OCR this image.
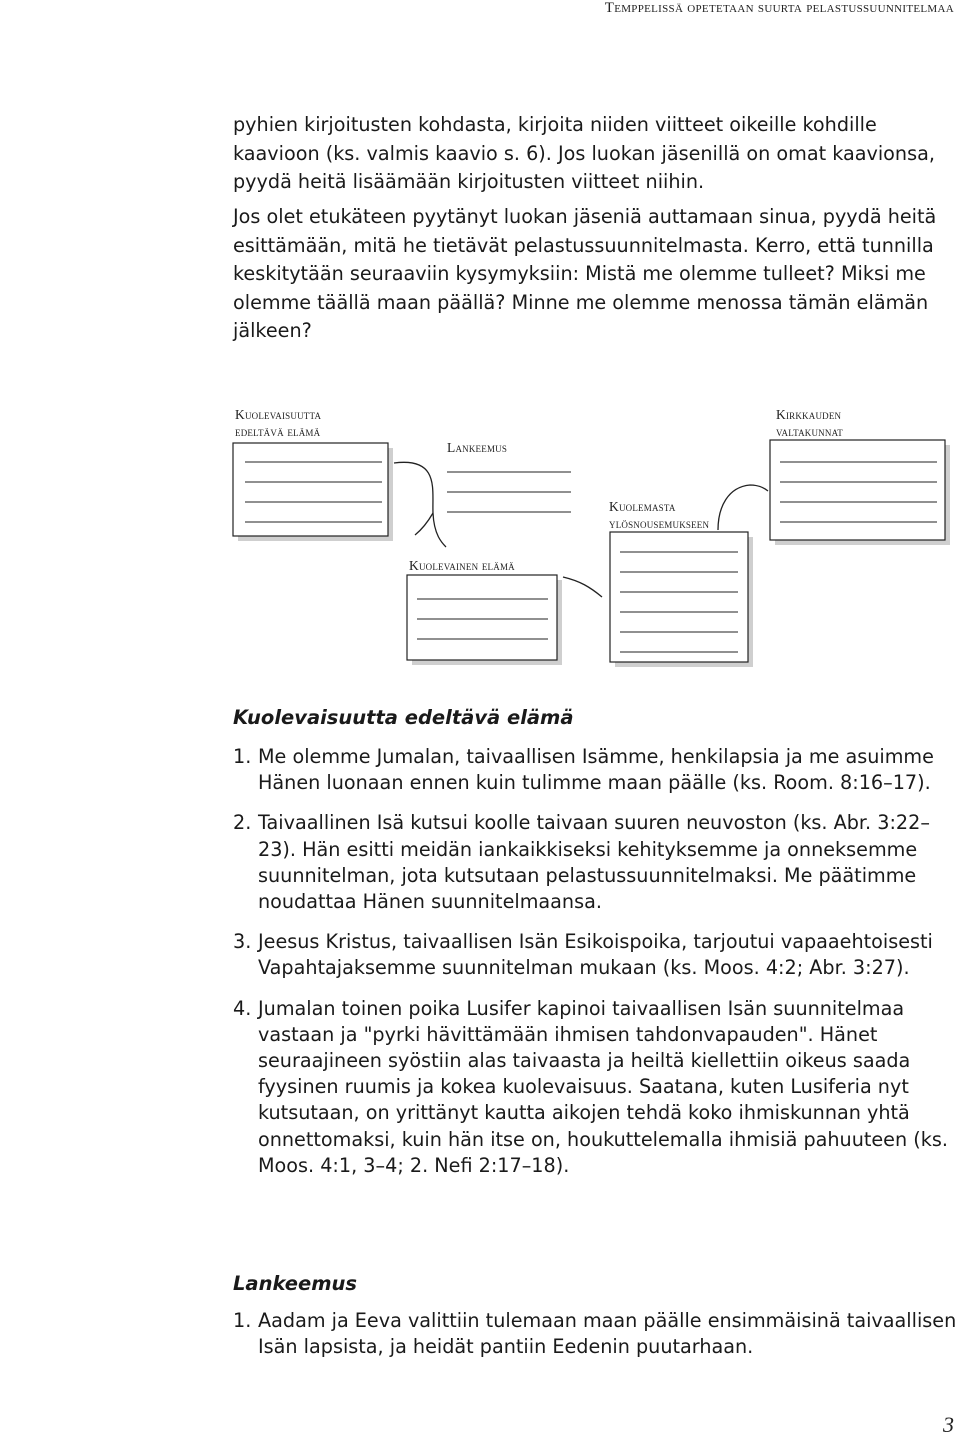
Temppelissä opetetaan suurta pelastussuunnitelmaa

pyhien kirjoitusten kohdasta, kirjoita niiden viitteet oikeille kohdille kaavioon (ks. valmis kaavio s. 6). Jos luokan jäsenillä on omat kaavionsa, pyydä heitä lisäämään kirjoitusten viitteet niihin.

Jos olet etukäteen pyytänyt luokan jäseniä auttamaan sinua, pyydä heitä esittämään, mitä he tietävät pelastussuunnitelmasta. Kerro, että tunnilla keskitytään seuraaviin kysymyksiin: Mistä me olemme tulleet? Miksi me olemme täällä maan päällä? Minne me olemme menossa tämän elämän jälkeen?

Kuolevaisuutta
edeltävä elämä
Lankeemus
Kuolevainen elämä
Kuolemasta
ylösnousemukseen
Kirkkauden
valtakunnat
Kuolevaisuutta edeltävä elämä
1. Me olemme Jumalan, taivaallisen Isämme, henkilapsia ja me asuimme Hänen luonaan ennen kuin tulimme maan päälle (ks. Room. 8:16–17).
2. Taivaallinen Isä kutsui koolle taivaan suuren neuvoston (ks. Abr. 3:22–23). Hän esitti meidän iankaikkiseksi kehityksemme ja onneksemme suunnitelman, jota kutsutaan pelastussuunnitelmaksi. Me päätimme noudattaa Hänen suunnitelmaansa.
3. Jeesus Kristus, taivaallisen Isän Esikoispoika, tarjoutui vapaaehtoisesti Vapahtajaksemme suunnitelman mukaan (ks. Moos. 4:2; Abr. 3:27).
4. Jumalan toinen poika Lusifer kapinoi taivaallisen Isän suunnitelmaa vastaan ja "pyrki hävittämään ihmisen tahdonvapauden". Hänet seuraajineen syöstiin alas taivaasta ja heiltä kiellettiin oikeus saada fyysinen ruumis ja kokea kuolevaisuus. Saatana, kuten Lusiferia nyt kutsutaan, on yrittänyt kautta aikojen tehdä koko ihmiskunnan yhtä onnettomaksi, kuin hän itse on, houkuttelemalla ihmisiä pahuuteen (ks. Moos. 4:1, 3–4; 2. Nefi 2:17–18).
Lankeemus
1. Aadam ja Eeva valittiin tulemaan maan päälle ensimmäisinä taivaallisen Isän lapsista, ja heidät pantiin Eedenin puutarhaan.
3
